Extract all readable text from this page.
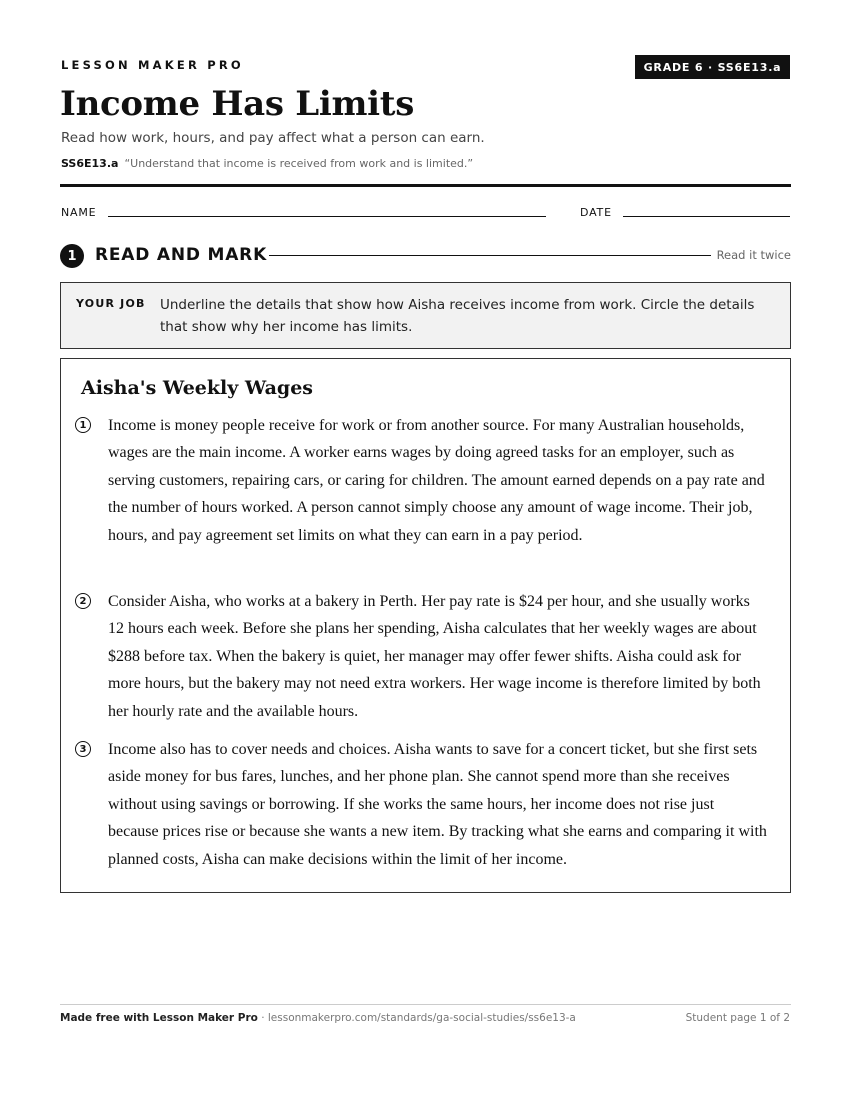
LESSON MAKER PRO	GRADE 6 · SS6E13.a
Income Has Limits
Read how work, hours, and pay affect what a person can earn.
SS6E13.a “Understand that income is received from work and is limited.”
NAME	DATE
1	READ AND MARK	Read it twice
YOUR JOB Underline the details that show how Aisha receives income from work. Circle the details that show why her income has limits.
Aisha's Weekly Wages
1 Income is money people receive for work or from another source. For many Australian households, wages are the main income. A worker earns wages by doing agreed tasks for an employer, such as serving customers, repairing cars, or caring for children. The amount earned depends on a pay rate and the number of hours worked. A person cannot simply choose any amount of wage income. Their job, hours, and pay agreement set limits on what they can earn in a pay period.

2 Consider Aisha, who works at a bakery in Perth. Her pay rate is $24 per hour, and she usually works 12 hours each week. Before she plans her spending, Aisha calculates that her weekly wages are about $288 before tax. When the bakery is quiet, her manager may offer fewer shifts. Aisha could ask for more hours, but the bakery may not need extra workers. Her wage income is therefore limited by both her hourly rate and the available hours.

3 Income also has to cover needs and choices. Aisha wants to save for a concert ticket, but she first sets aside money for bus fares, lunches, and her phone plan. She cannot spend more than she receives without using savings or borrowing. If she works the same hours, her income does not rise just because prices rise or because she wants a new item. By tracking what she earns and comparing it with planned costs, Aisha can make decisions within the limit of her income.

Made free with Lesson Maker Pro · lessonmakerpro.com/standards/ga-social-studies/ss6e13-a	Student page 1 of 2
